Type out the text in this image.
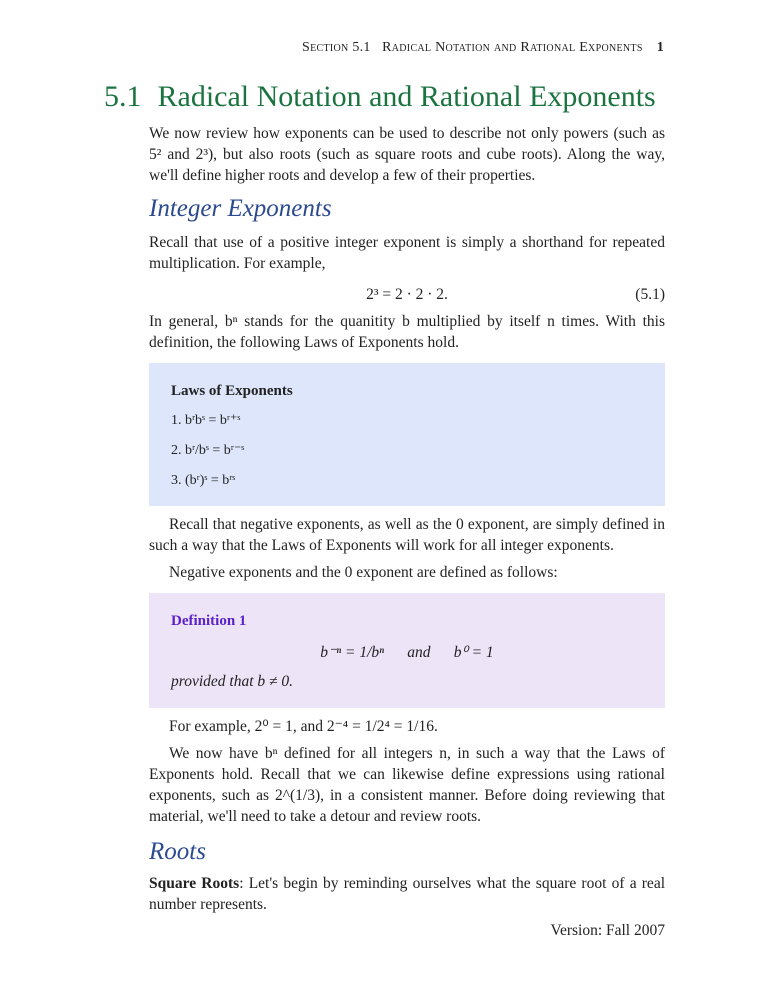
Section 5.1   Radical Notation and Rational Exponents 1
5.1 Radical Notation and Rational Exponents
We now review how exponents can be used to describe not only powers (such as 5² and 2³), but also roots (such as square roots and cube roots). Along the way, we'll define higher roots and develop a few of their properties.
Integer Exponents
Recall that use of a positive integer exponent is simply a shorthand for repeated multiplication. For example,
2³ = 2 · 2 · 2.	(5.1)
In general, bⁿ stands for the quanitity b multiplied by itself n times. With this definition, the following Laws of Exponents hold.
Laws of Exponents
1. bʳbˢ = bʳ⁺ˢ
2. bʳ/bˢ = bʳ⁻ˢ
3. (bʳ)ˢ = bʳˢ
Recall that negative exponents, as well as the 0 exponent, are simply defined in such a way that the Laws of Exponents will work for all integer exponents.
Negative exponents and the 0 exponent are defined as follows:
Definition 1
b⁻ⁿ = 1/bⁿ      and      b⁰ = 1
provided that b ≠ 0.
For example, 2⁰ = 1, and 2⁻⁴ = 1/2⁴ = 1/16.
We now have bⁿ defined for all integers n, in such a way that the Laws of Exponents hold. Recall that we can likewise define expressions using rational exponents, such as 2^(1/3), in a consistent manner. Before doing reviewing that material, we'll need to take a detour and review roots.
Roots
Square Roots: Let's begin by reminding ourselves what the square root of a real number represents.
Version: Fall 2007
